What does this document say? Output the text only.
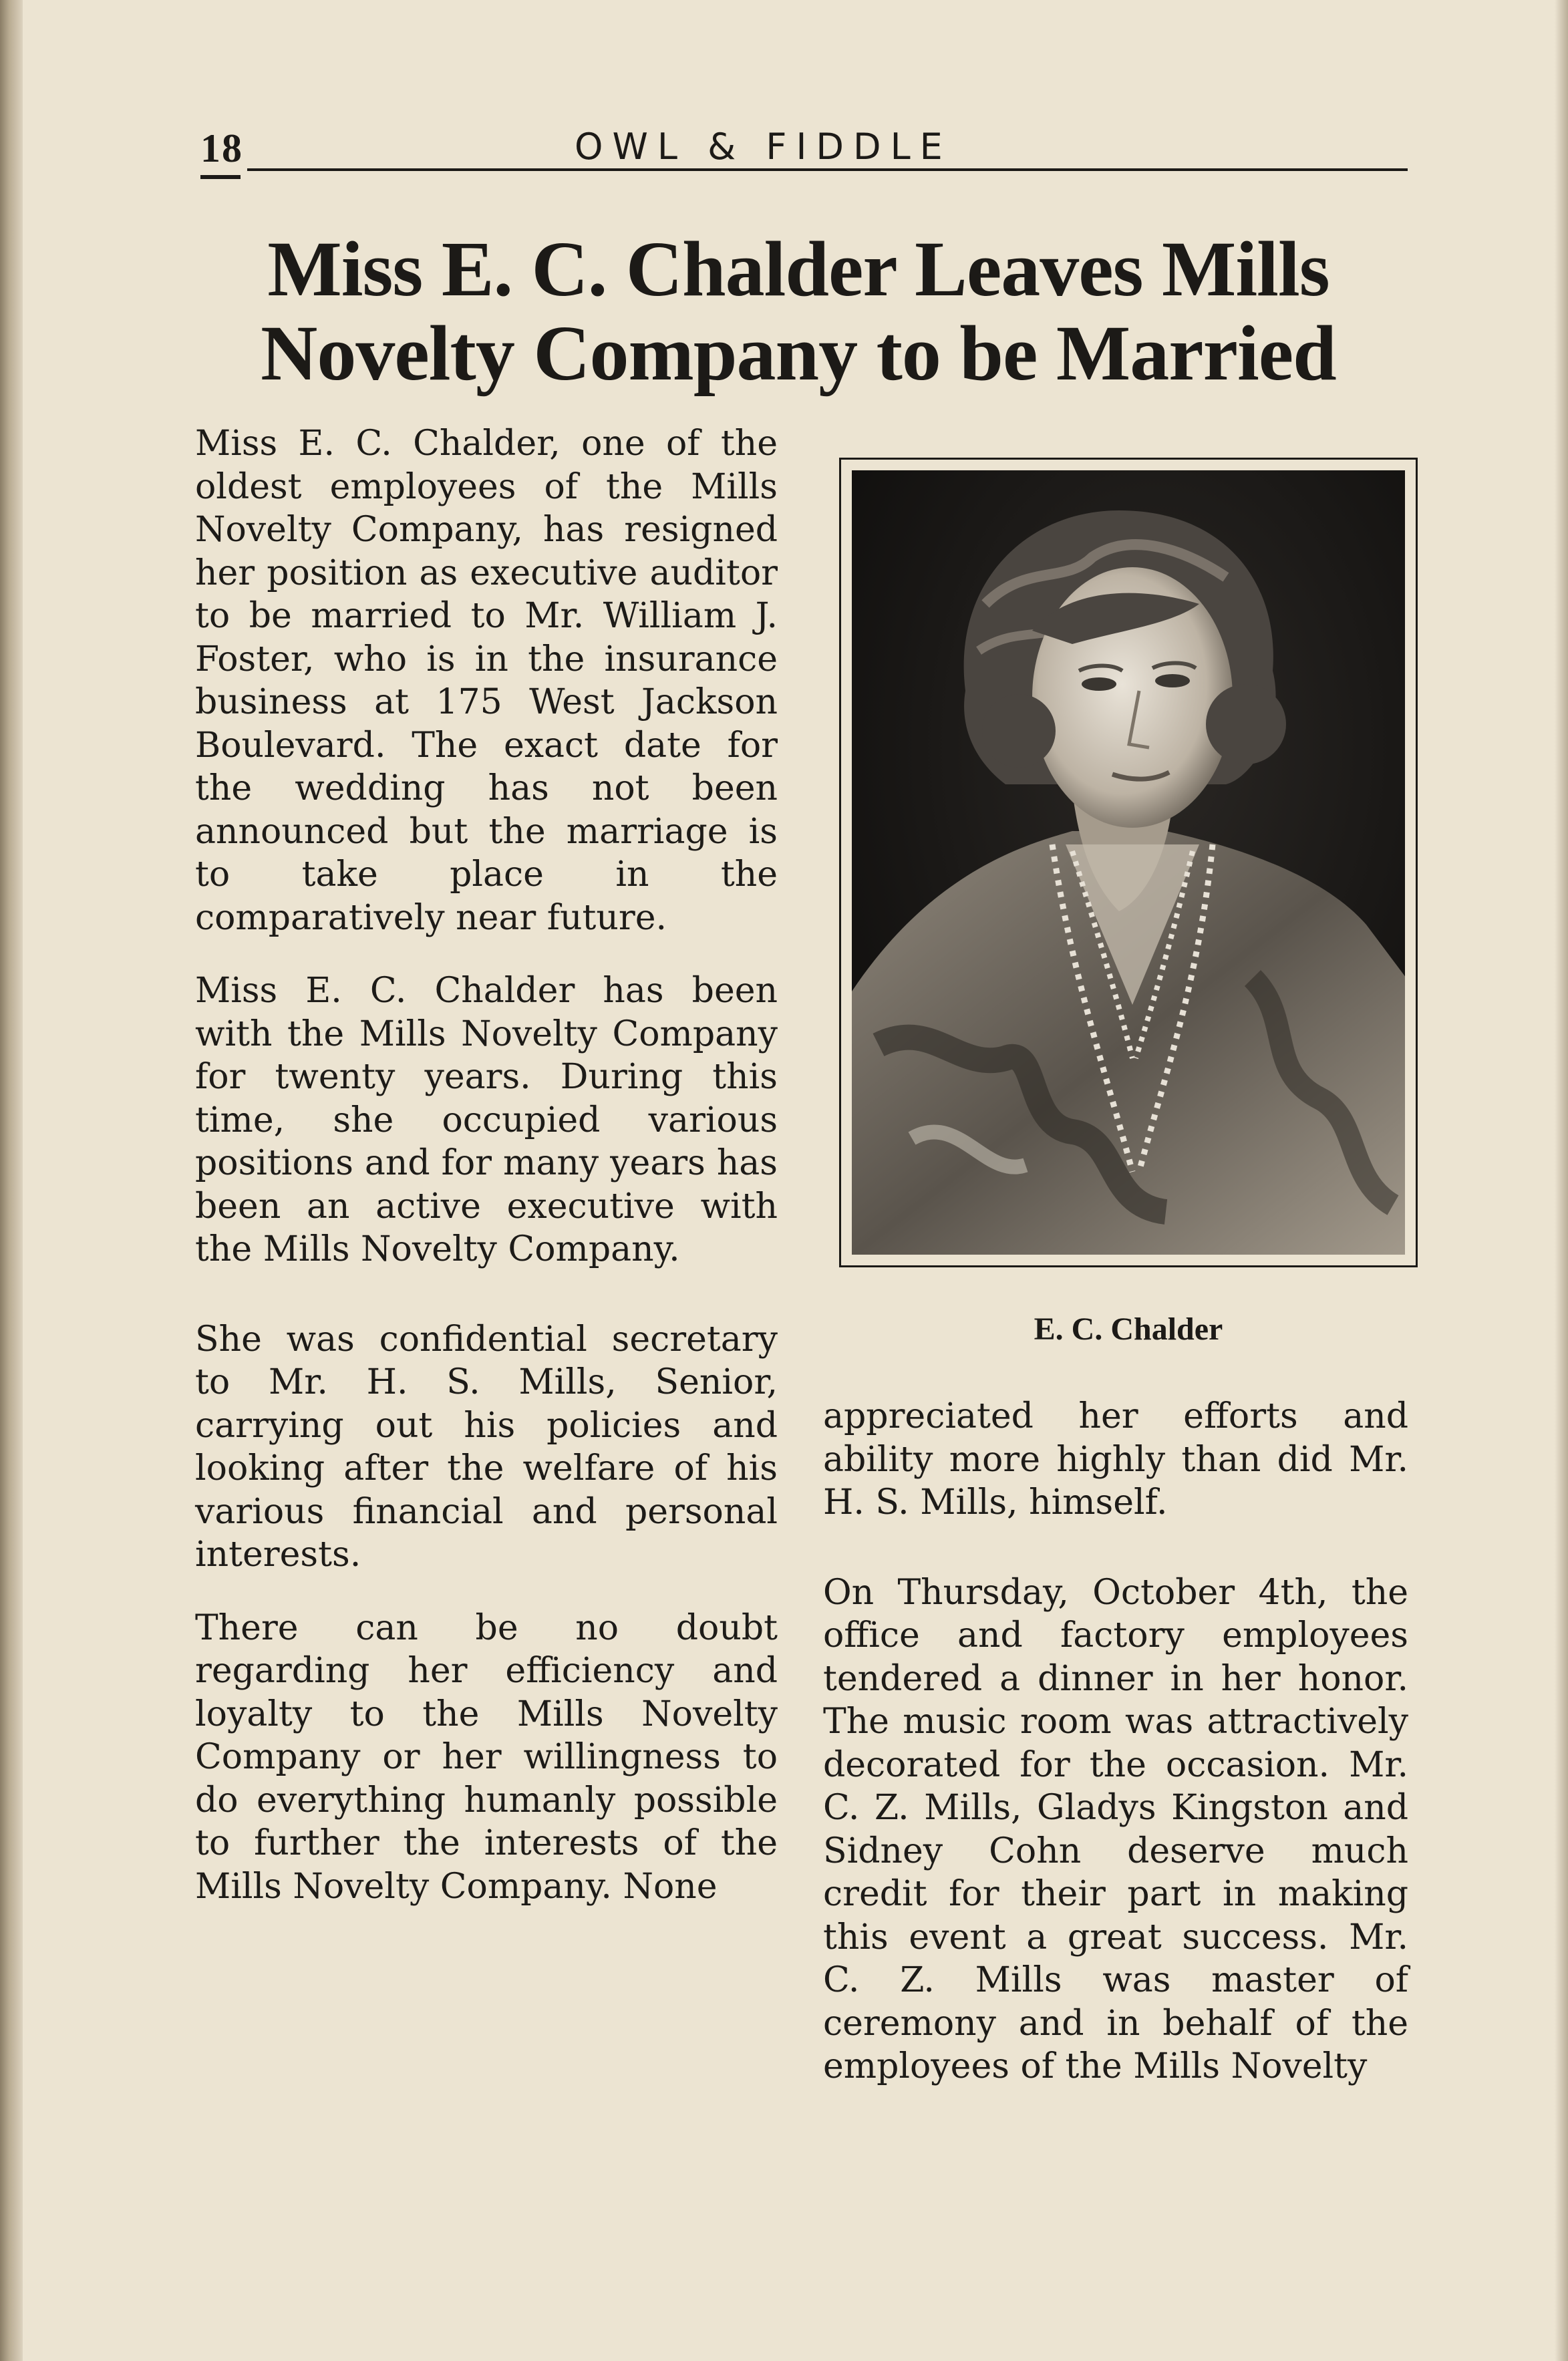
18	OWL & FIDDLE
Miss E. C. Chalder Leaves Mills
Novelty Company to be Married

Miss E. C. Chalder, one of the oldest employees of the Mills Novelty Company, has resigned her position as executive auditor to be married to Mr. William J. Foster, who is in the insurance business at 175 West Jackson Boulevard. The exact date for the wedding has not been announced but the marriage is to take place in the comparatively near future.

Miss E. C. Chalder has been with the Mills Novelty Company for twenty years. During this time, she occupied various positions and for many years has been an active executive with the Mills Novelty Company.

She was confidential secretary to Mr. H. S. Mills, Senior, carrying out his policies and looking after the welfare of his various financial and personal interests.

There can be no doubt regarding her efficiency and loyalty to the Mills Novelty Company or her willingness to do everything humanly possible to further the interests of the Mills Novelty Company. None

E. C. Chalder

appreciated her efforts and ability more highly than did Mr. H. S. Mills, himself.

On Thursday, October 4th, the office and factory employees tendered a dinner in her honor. The music room was attractively decorated for the occasion. Mr. C. Z. Mills, Gladys Kingston and Sidney Cohn deserve much credit for their part in making this event a great success. Mr. C. Z. Mills was master of ceremony and in behalf of the employees of the Mills Novelty
